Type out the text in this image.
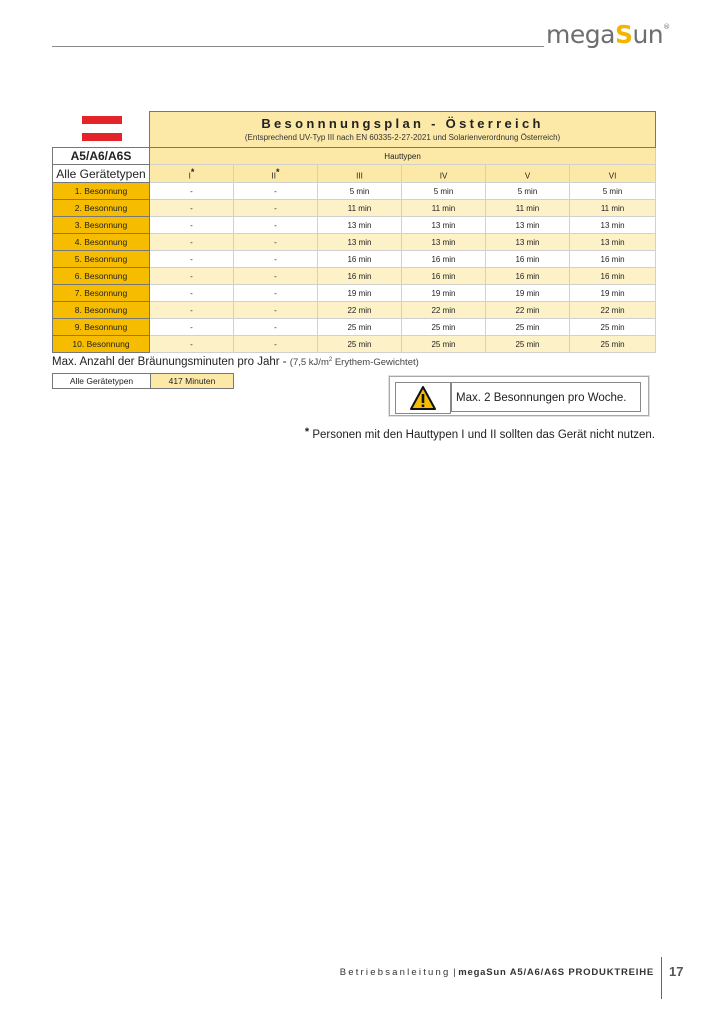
megaSun®

	Besonnnungsplan - Österreich
(Entsprechend UV-Typ III nach EN 60335-2-27-2021 und Solarienverordnung Österreich)					

A5/A6/A6S	Hauttypen					
Alle Gerätetypen	I*	II*	III	IV	V	VI
1. Besonnung	-	-	5 min	5 min	5 min	5 min
2. Besonnung	-	-	11 min	11 min	11 min	11 min
3. Besonnung	-	-	13 min	13 min	13 min	13 min
4. Besonnung	-	-	13 min	13 min	13 min	13 min
5. Besonnung	-	-	16 min	16 min	16 min	16 min
6. Besonnung	-	-	16 min	16 min	16 min	16 min
7. Besonnung	-	-	19 min	19 min	19 min	19 min
8. Besonnung	-	-	22 min	22 min	22 min	22 min
9. Besonnung	-	-	25 min	25 min	25 min	25 min
10. Besonnung	-	-	25 min	25 min	25 min	25 min
Max. Anzahl der Bräunungsminuten pro Jahr - (7,5 $kJ/m^2$ Erythem-Gewichtet)
Alle Gerätetypen	417 Minuten
Max. 2 Besonnungen pro Woche.
* Personen mit den Hauttypen I und II sollten das Gerät nicht nutzen.
Betriebsanleitung | megaSun A5/A6/A6S PRODUKTREIHE 17
